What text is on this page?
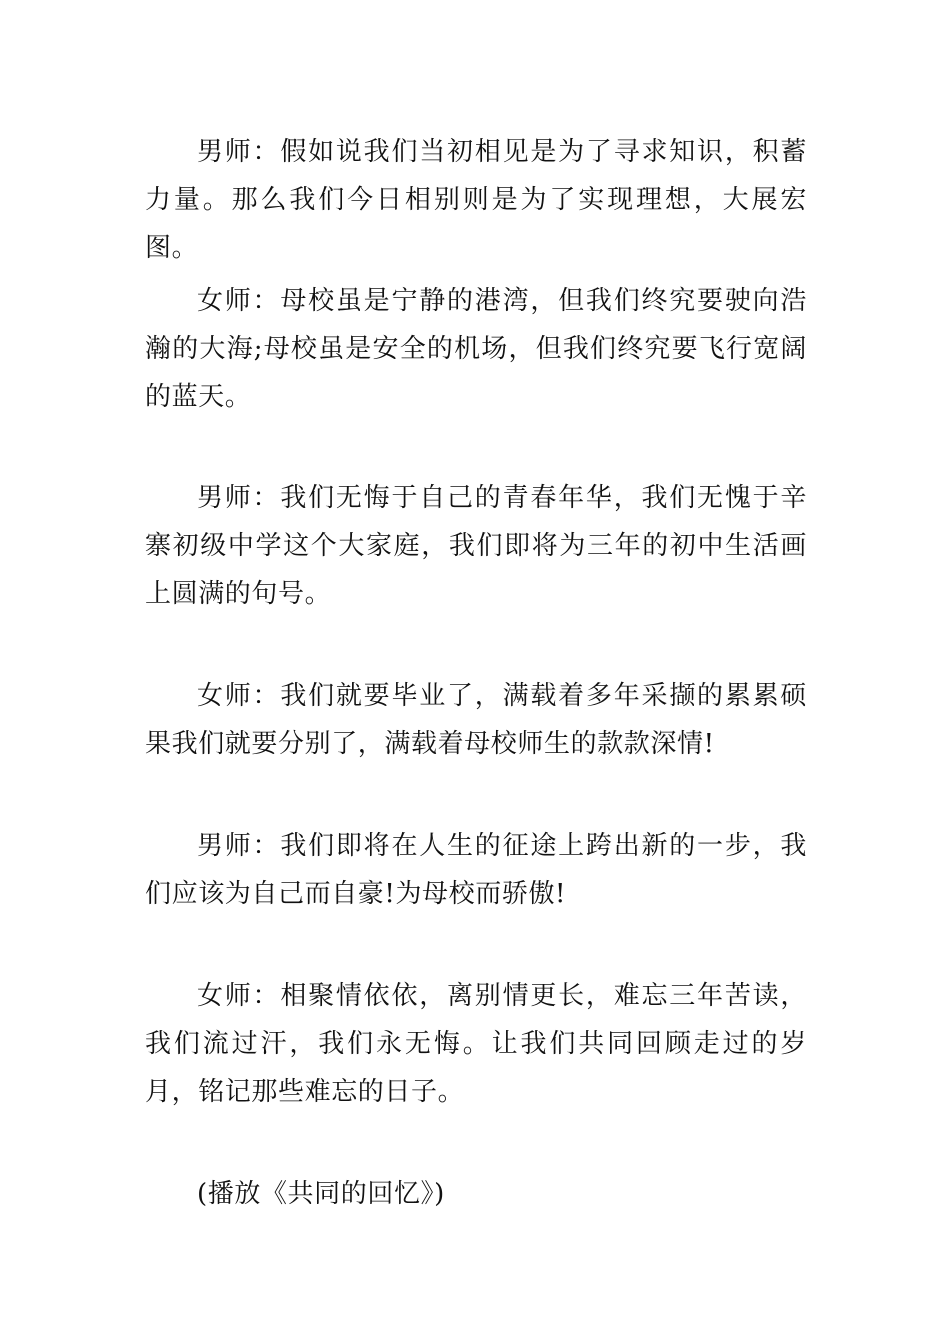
男师：假如说我们当初相见是为了寻求知识，积蓄力量。那么我们今日相别则是为了实现理想，大展宏图。

女师：母校虽是宁静的港湾，但我们终究要驶向浩瀚的大海;母校虽是安全的机场，但我们终究要飞行宽阔的蓝天。

男师：我们无悔于自己的青春年华，我们无愧于辛寨初级中学这个大家庭，我们即将为三年的初中生活画上圆满的句号。

女师：我们就要毕业了，满载着多年采撷的累累硕果我们就要分别了，满载着母校师生的款款深情!

男师：我们即将在人生的征途上跨出新的一步，我们应该为自己而自豪!为母校而骄傲!

女师：相聚情依依，离别情更长，难忘三年苦读，我们流过汗，我们永无悔。让我们共同回顾走过的岁月，铭记那些难忘的日子。

(播放《共同的回忆》)
